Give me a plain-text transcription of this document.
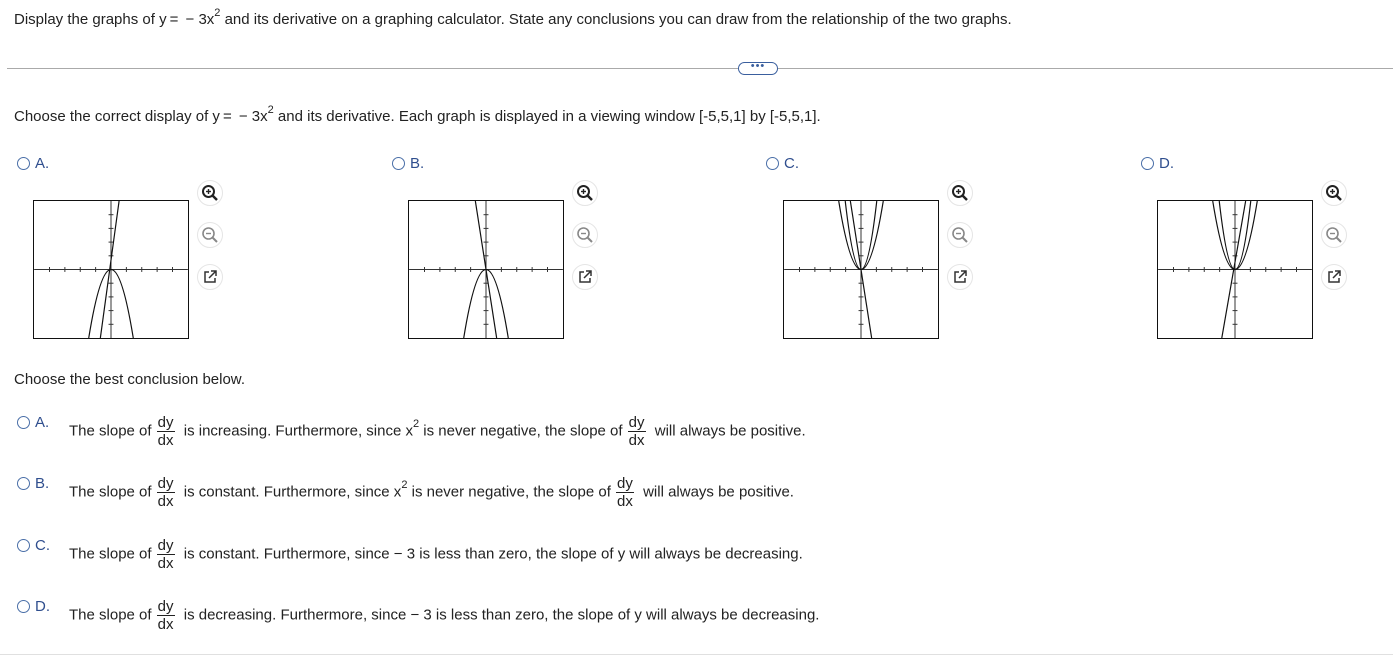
Display the graphs of y =  − $3x^2$ and its derivative on a graphing calculator. State any conclusions you can draw from the relationship of the two graphs.
•••
Choose the correct display of y =  − $3x^2$ and its derivative. Each graph is displayed in a viewing window [-5,5,1] by [-5,5,1].
A.	B.	C.	D.
Choose the best conclusion below.
A. The slope of $\frac{dy}{dx}$ is increasing. Furthermore, since $x^2$ is never negative, the slope of $\frac{dy}{dx}$ will always be positive.
B. The slope of $\frac{dy}{dx}$ is constant. Furthermore, since $x^2$ is never negative, the slope of $\frac{dy}{dx}$ will always be positive.
C. The slope of $\frac{dy}{dx}$ is constant. Furthermore, since − 3 is less than zero, the slope of y will always be decreasing.
D. The slope of $\frac{dy}{dx}$ is decreasing. Furthermore, since − 3 is less than zero, the slope of y will always be decreasing.
